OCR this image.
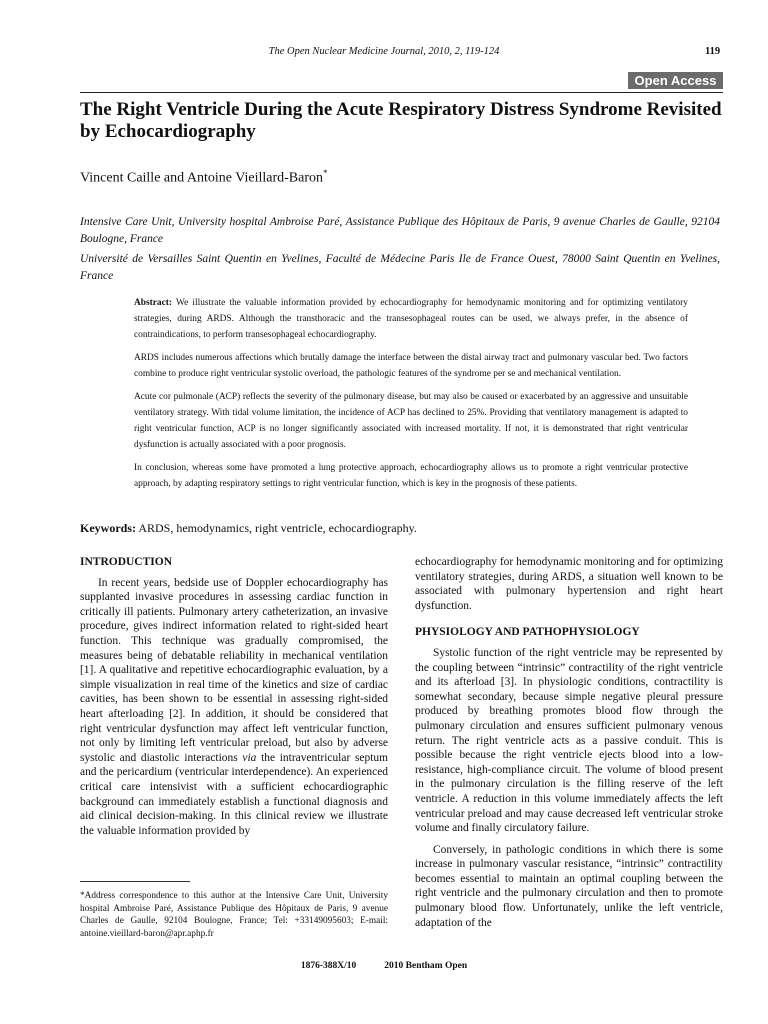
The Open Nuclear Medicine Journal, 2010, 2, 119-124	119
Open Access
The Right Ventricle During the Acute Respiratory Distress Syndrome Revisited by Echocardiography
Vincent Caille and Antoine Vieillard-Baron*
Intensive Care Unit, University hospital Ambroise Paré, Assistance Publique des Hôpitaux de Paris, 9 avenue Charles de Gaulle, 92104 Boulogne, France
Université de Versailles Saint Quentin en Yvelines, Faculté de Médecine Paris Ile de France Ouest, 78000 Saint Quentin en Yvelines, France

Abstract: We illustrate the valuable information provided by echocardiography for hemodynamic monitoring and for optimizing ventilatory strategies, during ARDS. Although the transthoracic and the transesophageal routes can be used, we always prefer, in the absence of contraindications, to perform transesophageal echocardiography.

ARDS includes numerous affections which brutally damage the interface between the distal airway tract and pulmonary vascular bed. Two factors combine to produce right ventricular systolic overload, the pathologic features of the syndrome per se and mechanical ventilation.

Acute cor pulmonale (ACP) reflects the severity of the pulmonary disease, but may also be caused or exacerbated by an aggressive and unsuitable ventilatory strategy. With tidal volume limitation, the incidence of ACP has declined to 25%. Providing that ventilatory management is adapted to right ventricular function, ACP is no longer significantly associated with increased mortality. If not, it is demonstrated that right ventricular dysfunction is actually associated with a poor prognosis.

In conclusion, whereas some have promoted a lung protective approach, echocardiography allows us to promote a right ventricular protective approach, by adapting respiratory settings to right ventricular function, which is key in the prognosis of these patients.

Keywords: ARDS, hemodynamics, right ventricle, echocardiography.
INTRODUCTION

In recent years, bedside use of Doppler echocardiography has supplanted invasive procedures in assessing cardiac function in critically ill patients. Pulmonary artery catheterization, an invasive procedure, gives indirect information related to right-sided heart function. This technique was gradually compromised, the measures being of debatable reliability in mechanical ventilation [1]. A qualitative and repetitive echocardiographic evaluation, by a simple visualization in real time of the kinetics and size of cardiac cavities, has been shown to be essential in assessing right-sided heart afterloading [2]. In addition, it should be considered that right ventricular dysfunction may affect left ventricular function, not only by limiting left ventricular preload, but also by adverse systolic and diastolic interactions via the intraventricular septum and the pericardium (ventricular interdependence). An experienced critical care intensivist with a sufficient echocardiographic background can immediately establish a functional diagnosis and aid clinical decision-making. In this clinical review we illustrate the valuable information provided by

*Address correspondence to this author at the Intensive Care Unit, University hospital Ambroise Paré, Assistance Publique des Hôpitaux de Paris, 9 avenue Charles de Gaulle, 92104 Boulogne, France; Tel: +33149095603; E-mail: antoine.vieillard-baron@apr.aphp.fr

echocardiography for hemodynamic monitoring and for optimizing ventilatory strategies, during ARDS, a situation well known to be associated with pulmonary hypertension and right heart dysfunction.

PHYSIOLOGY AND PATHOPHYSIOLOGY

Systolic function of the right ventricle may be represented by the coupling between “intrinsic” contractility of the right ventricle and its afterload [3]. In physiologic conditions, contractility is somewhat secondary, because simple negative pleural pressure produced by breathing promotes blood flow through the pulmonary circulation and ensures sufficient pulmonary venous return. The right ventricle acts as a passive conduit. This is possible because the right ventricle ejects blood into a low-resistance, high-compliance circuit. The volume of blood present in the pulmonary circulation is the filling reserve of the left ventricle. A reduction in this volume immediately affects the left ventricular preload and may cause decreased left ventricular stroke volume and finally circulatory failure.

Conversely, in pathologic conditions in which there is some increase in pulmonary vascular resistance, “intrinsic” contractility becomes essential to maintain an optimal coupling between the right ventricle and the pulmonary circulation and then to promote pulmonary blood flow. Unfortunately, unlike the left ventricle, adaptation of the

1876-388X/10	2010 Bentham Open
